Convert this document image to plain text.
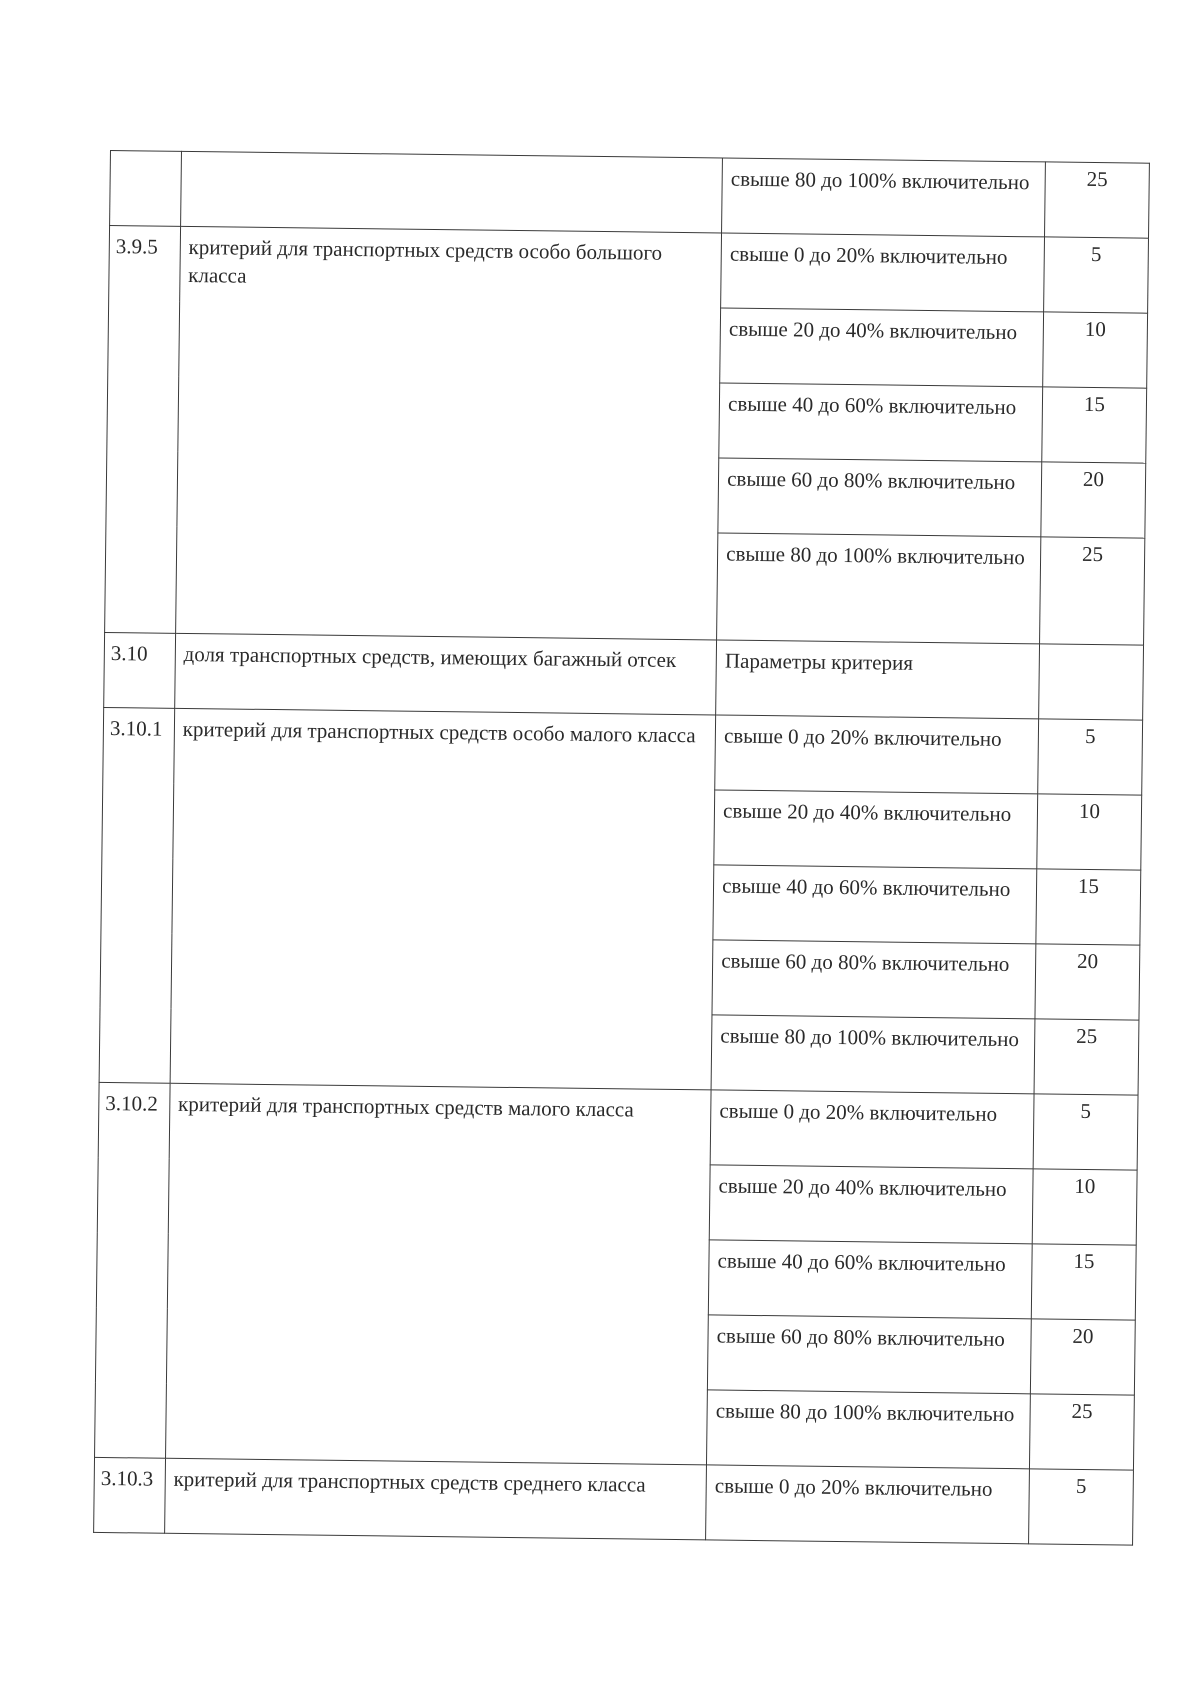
		свыше 80 до 100% включительно	25
3.9.5	критерий для транспортных средств особо большого класса	свыше 0 до 20% включительно	5
		свыше 20 до 40% включительно	10
		свыше 40 до 60% включительно	15
		свыше 60 до 80% включительно	20
		свыше 80 до 100% включительно	25
3.10	доля транспортных средств, имеющих багажный отсек	Параметры критерия	
3.10.1	критерий для транспортных средств особо малого класса	свыше 0 до 20% включительно	5
		свыше 20 до 40% включительно	10
		свыше 40 до 60% включительно	15
		свыше 60 до 80% включительно	20
		свыше 80 до 100% включительно	25
3.10.2	критерий для транспортных средств малого класса	свыше 0 до 20% включительно	5
		свыше 20 до 40% включительно	10
		свыше 40 до 60% включительно	15
		свыше 60 до 80% включительно	20
		свыше 80 до 100% включительно	25
3.10.3	критерий для транспортных средств среднего класса	свыше 0 до 20% включительно	5
